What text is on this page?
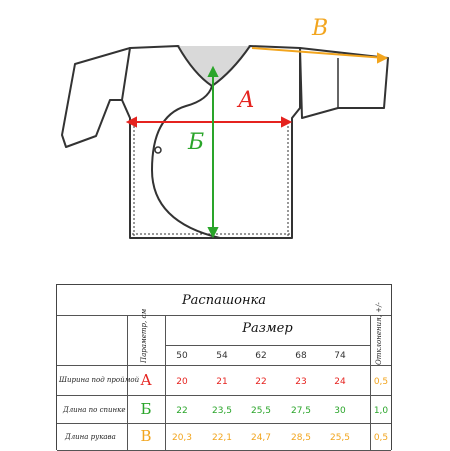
А
Б
В
Распашонка
Параметр, см	Отклонения, +/-
Размер
50	54	62	68	74
Ширина под проймой А	20	21	22	23	24	0,5
Длина по спинке	Б	22	23,5	25,5	27,5	30	1,0
Длина рукава	В	20,3	22,1	24,7	28,5	25,5	0,5
